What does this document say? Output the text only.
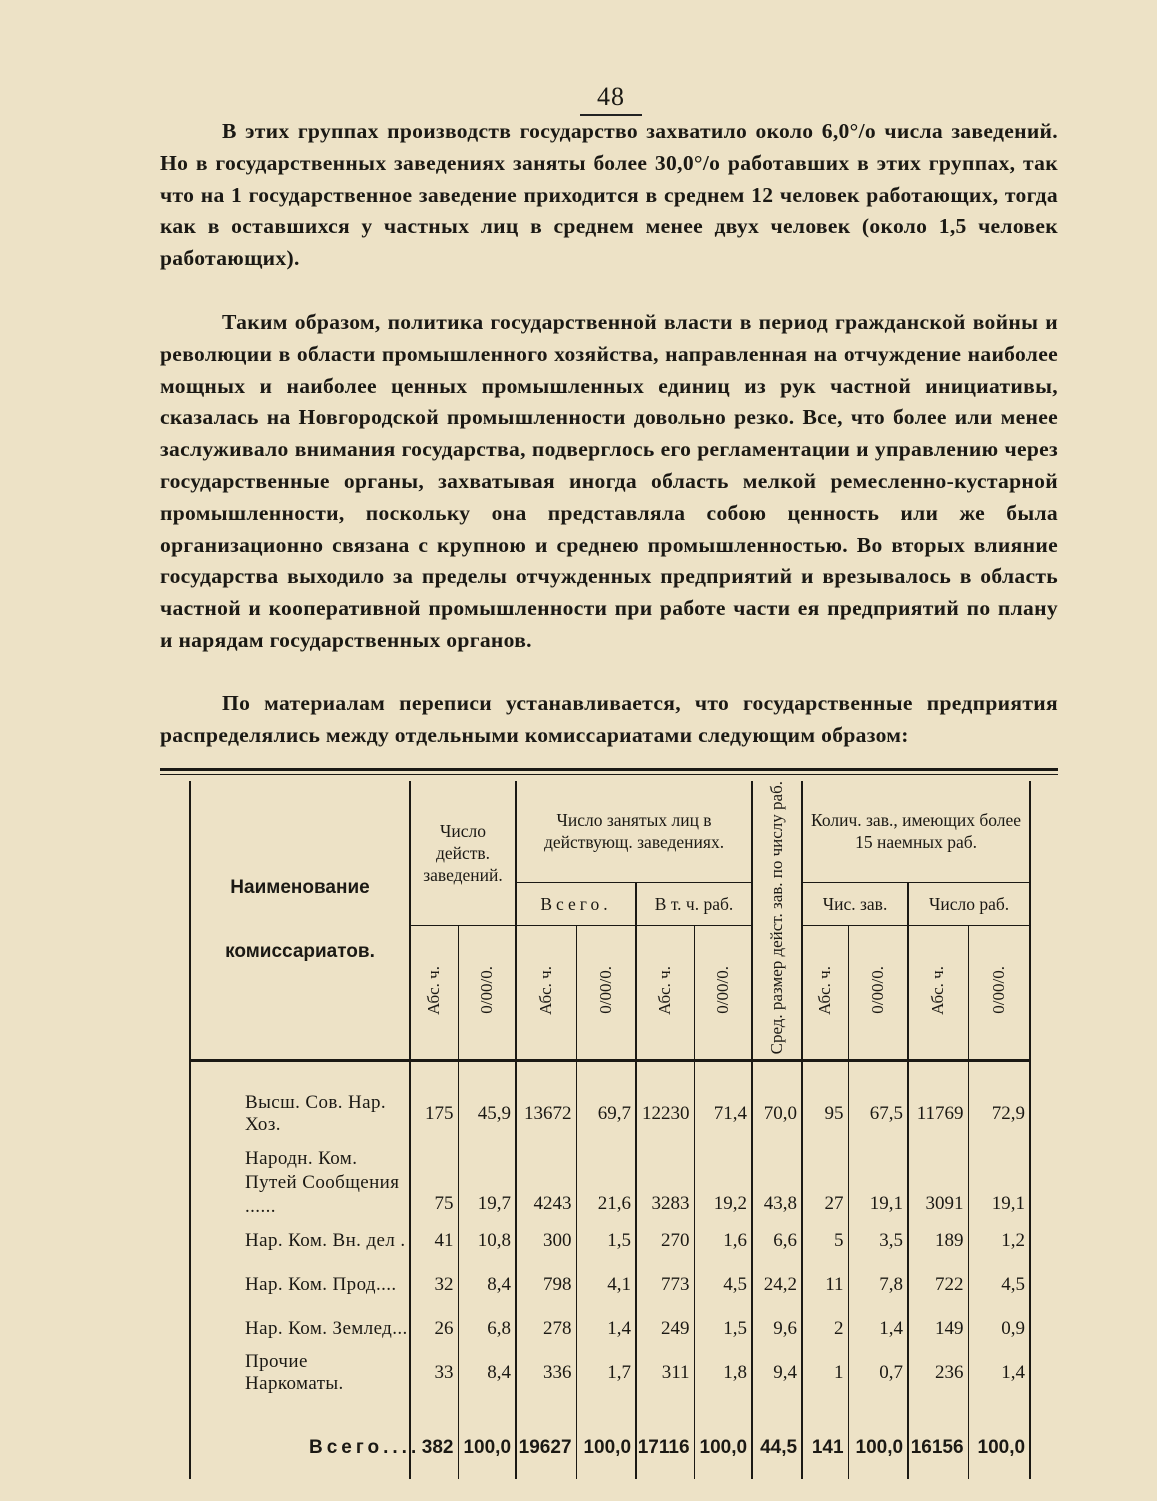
48

В этих группах производств государство захватило около 6,0°/о числа заведений. Но в государственных заведениях заняты более 30,0°/о работавших в этих группах, так что на 1 государственное заведение приходится в среднем 12 человек работающих, тогда как в оставшихся у частных лиц в среднем менее двух человек (около 1,5 человек работающих).

Таким образом, политика государственной власти в период гражданской войны и революции в области промышленного хозяйства, направленная на отчуждение наиболее мощных и наиболее ценных промышленных единиц из рук частной инициативы, сказалась на Новгородской промышленности довольно резко. Все, что более или менее заслуживало внимания государства, подверглось его регламентации и управлению через государственные органы, захватывая иногда область мелкой ремесленно-кустарной промышленности, поскольку она представляла собою ценность или же была организационно связана с крупною и среднею промышленностью. Во вторых влияние государства выходило за пределы отчужденных предприятий и врезывалось в область частной и кооперативной промышленности при работе части ея предприятий по плану и нарядам государственных органов.

По материалам переписи устанавливается, что государственные предприятия распределялись между отдельными комиссариатами следующим образом:

	Наименование
комиссариатов.	Число действ. заведений.		Число занятых лиц в действующ. заведениях.				Сред. размер дейст. зав. по числу раб.	Колич. зав., имеющих более 15 наемных раб.			
				Всего.		В т. ч. раб.			Чис. зав.		Число раб.	
		Абс. ч.	0/00/0.	Абс. ч.	0/00/0.	Абс. ч.	0/00/0.		Абс. ч.	0/00/0.	Абс. ч.	0/00/0.

	Высш. Сов. Нар. Хоз.	175	45,9	13672	69,7	12230	71,4	70,0	95	67,5	11769	72,9
	Народн. Ком. Путей Сообщения ......	75	19,7	4243	21,6	3283	19,2	43,8	27	19,1	3091	19,1
	Нар. Ком. Вн. дел .	41	10,8	300	1,5	270	1,6	6,6	5	3,5	189	1,2
	Нар. Ком. Прод....	32	8,4	798	4,1	773	4,5	24,2	11	7,8	722	4,5
	Нар. Ком. Землед...	26	6,8	278	1,4	249	1,5	9,6	2	1,4	149	0,9
	Прочие Наркоматы.	33	8,4	336	1,7	311	1,8	9,4	1	0,7	236	1,4

	Всего....	382	100,0	19627	100,0	17116	100,0	44,5	141	100,0	16156	100,0
